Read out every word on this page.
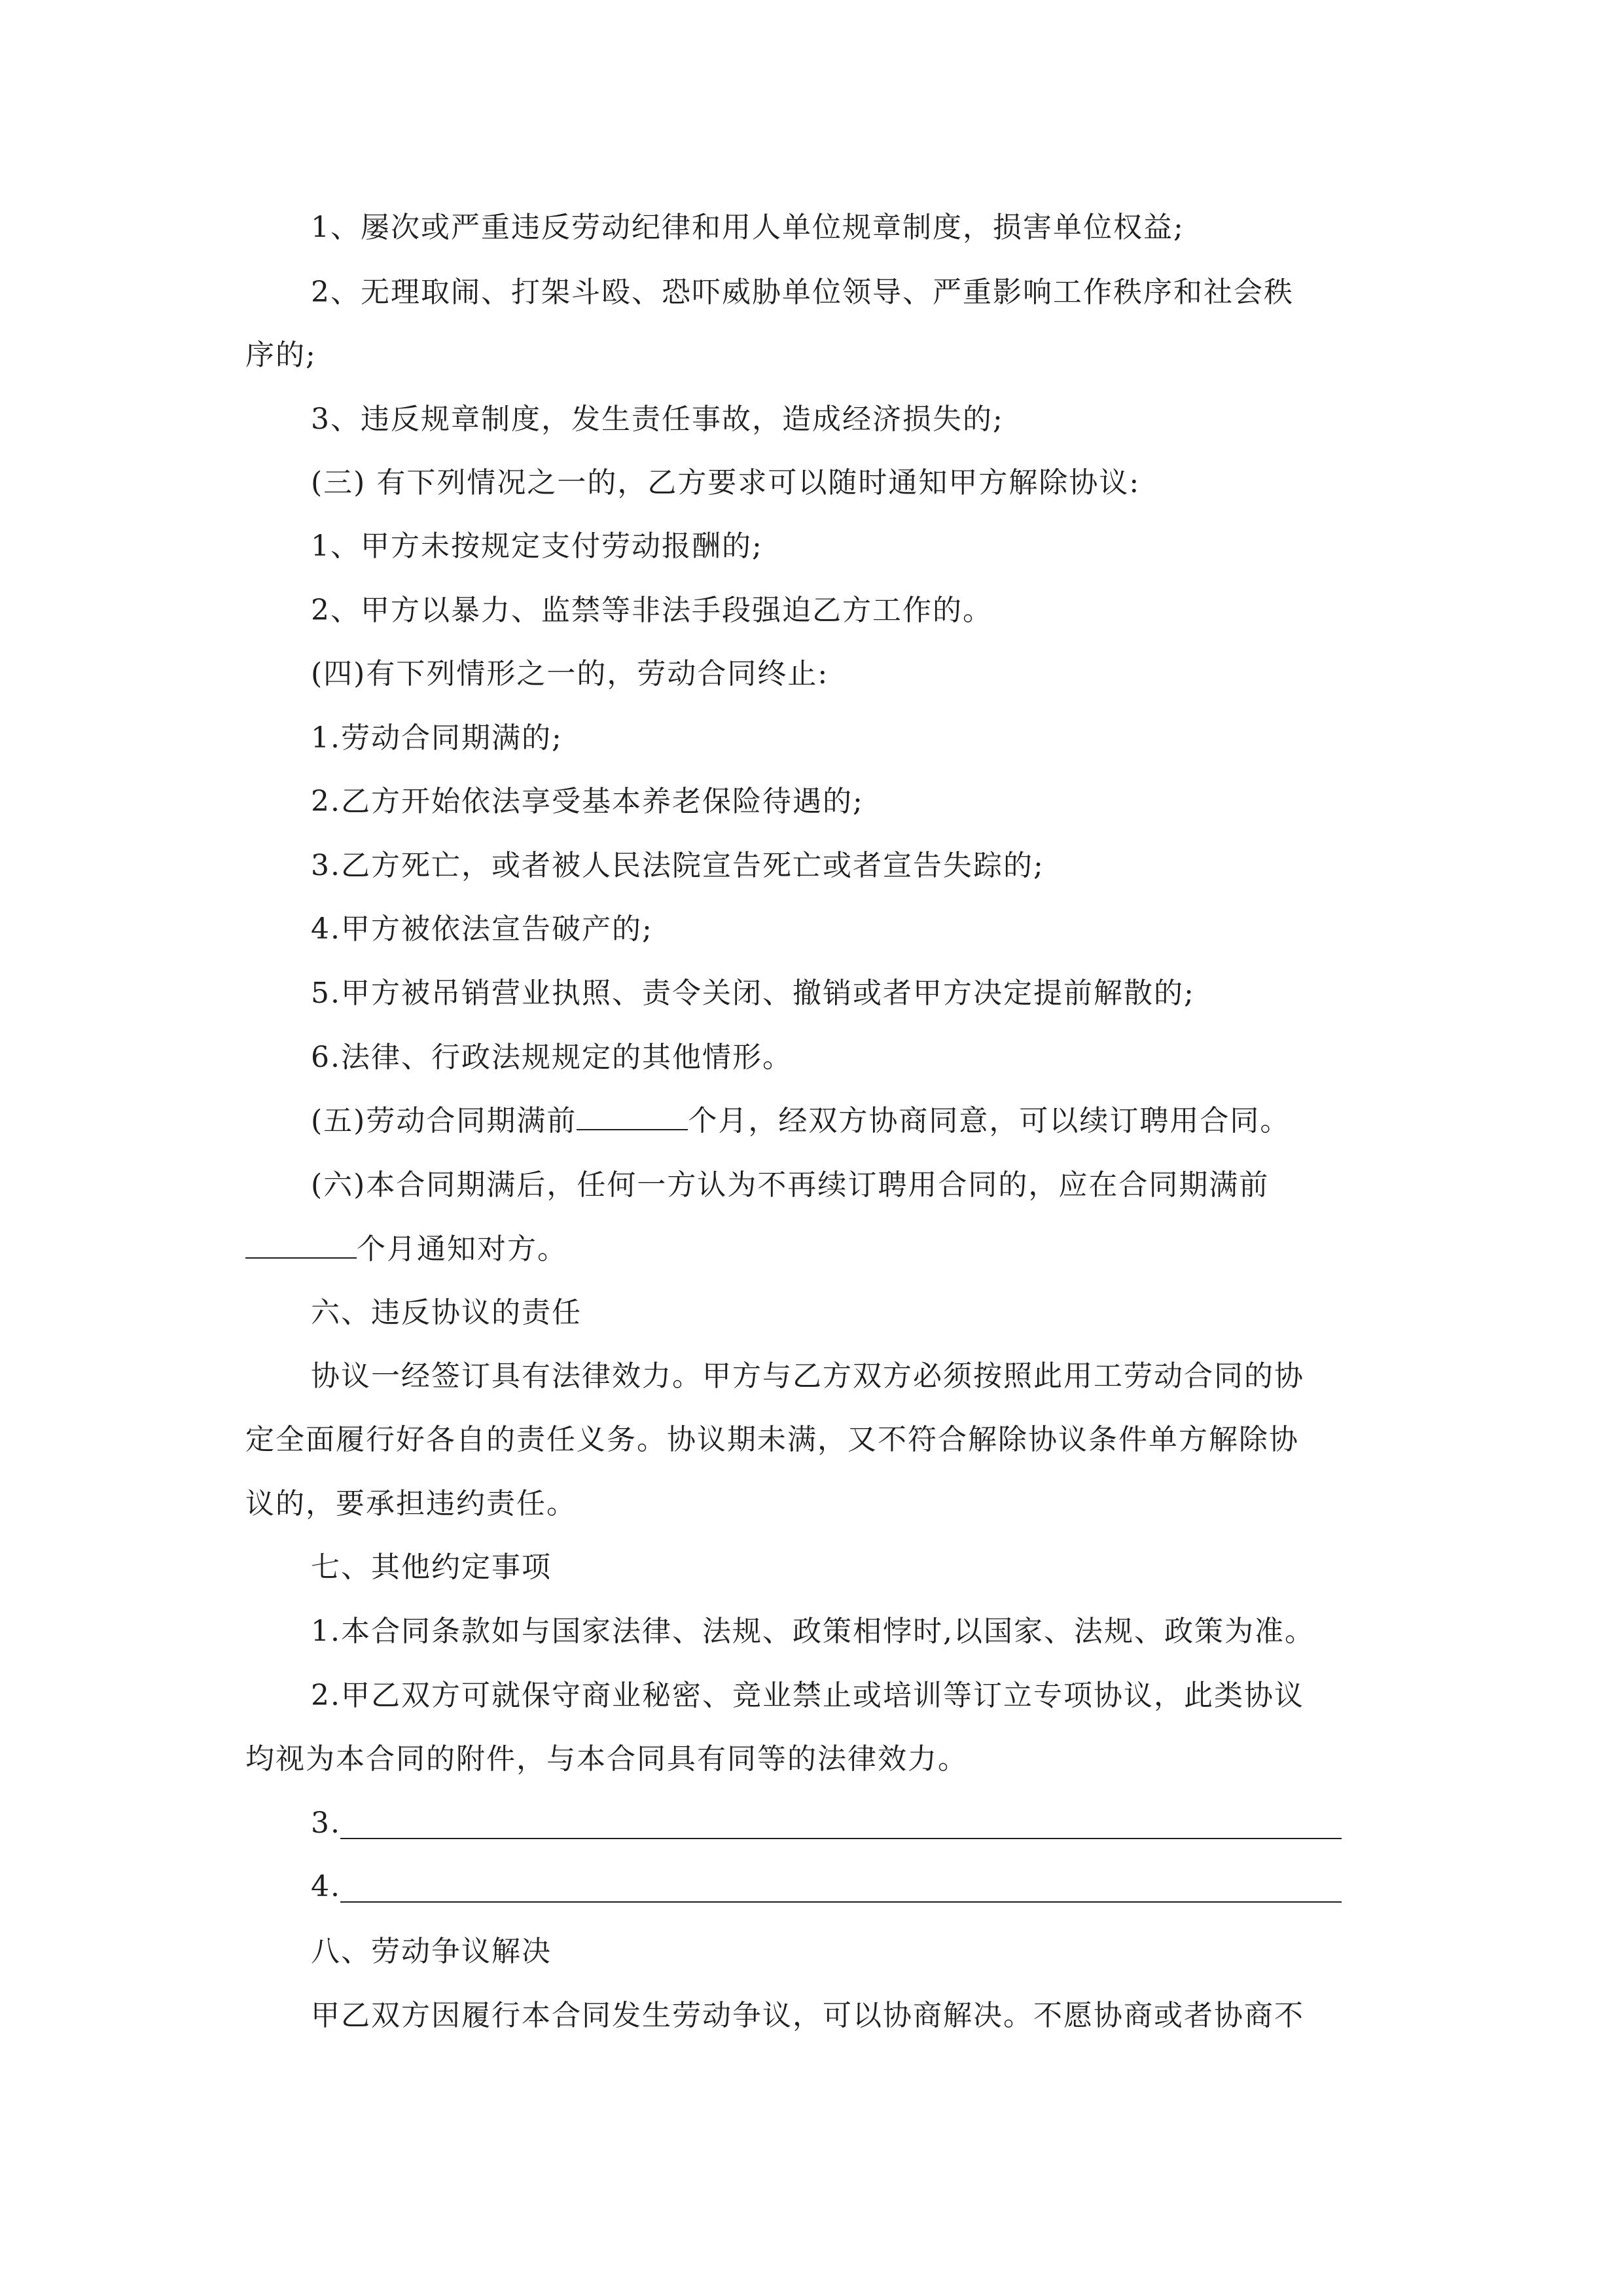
1、屡次或严重违反劳动纪律和用人单位规章制度，损害单位权益;
2、无理取闹、打架斗殴、恐吓威胁单位领导、严重影响工作秩序和社会秩
序的;
3、违反规章制度，发生责任事故，造成经济损失的;
(三) 有下列情况之一的，乙方要求可以随时通知甲方解除协议:
1、甲方未按规定支付劳动报酬的;
2、甲方以暴力、监禁等非法手段强迫乙方工作的。
(四)有下列情形之一的，劳动合同终止:
1.劳动合同期满的;
2.乙方开始依法享受基本养老保险待遇的;
3.乙方死亡，或者被人民法院宣告死亡或者宣告失踪的;
4.甲方被依法宣告破产的;
5.甲方被吊销营业执照、责令关闭、撤销或者甲方决定提前解散的;
6.法律、行政法规规定的其他情形。
(五)劳动合同期满前	个月，经双方协商同意，可以续订聘用合同。
(六)本合同期满后，任何一方认为不再续订聘用合同的，应在合同期满前
个月通知对方。
六、违反协议的责任
协议一经签订具有法律效力。甲方与乙方双方必须按照此用工劳动合同的协
定全面履行好各自的责任义务。协议期未满，又不符合解除协议条件单方解除协
议的，要承担违约责任。
七、其他约定事项
1.本合同条款如与国家法律、法规、政策相悖时,以国家、法规、政策为准。
2.甲乙双方可就保守商业秘密、竞业禁止或培训等订立专项协议，此类协议
均视为本合同的附件，与本合同具有同等的法律效力。
3.
4.
八、劳动争议解决
甲乙双方因履行本合同发生劳动争议，可以协商解决。不愿协商或者协商不
